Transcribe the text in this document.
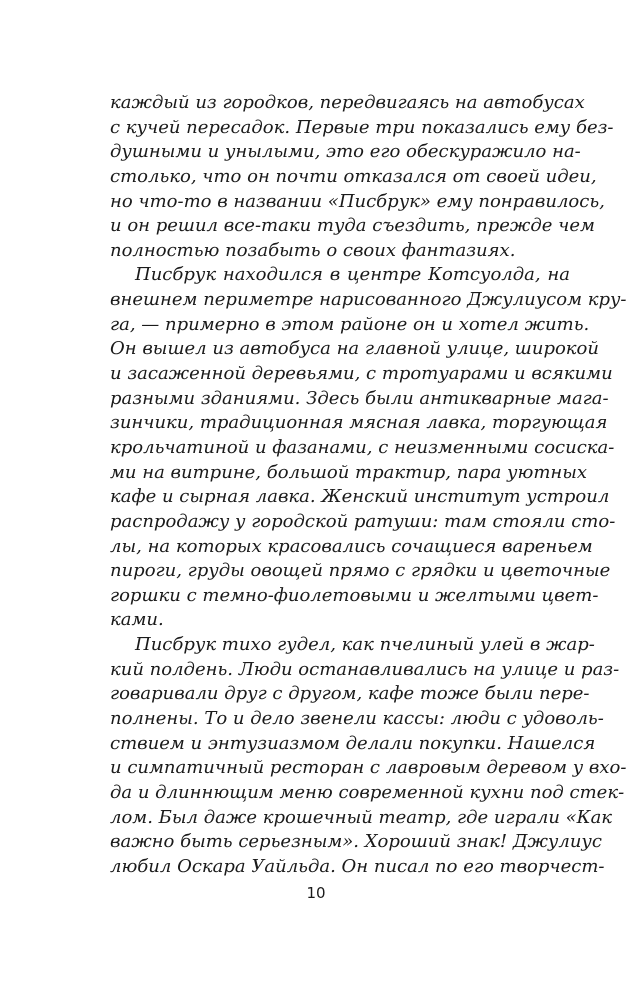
каждый из городков, передвигаясь на автобусах
с кучей пересадок. Первые три показались ему без-
душными и унылыми, это его обескуражило на-
столько, что он почти отказался от своей идеи,
но что-то в названии «Писбрук» ему понравилось,
и он решил все-таки туда съездить, прежде чем
полностью позабыть о своих фантазиях.
Писбрук находился в центре Котсуолда, на
внешнем периметре нарисованного Джулиусом кру-
га, — примерно в этом районе он и хотел жить.
Он вышел из автобуса на главной улице, широкой
и засаженной деревьями, с тротуарами и всякими
разными зданиями. Здесь были антикварные мага-
зинчики, традиционная мясная лавка, торгующая
крольчатиной и фазанами, с неизменными сосиска-
ми на витрине, большой трактир, пара уютных
кафе и сырная лавка. Женский институт устроил
распродажу у городской ратуши: там стояли сто-
лы, на которых красовались сочащиеся вареньем
пироги, груды овощей прямо с грядки и цветочные
горшки с темно-фиолетовыми и желтыми цвет-
ками.
Писбрук тихо гудел, как пчелиный улей в жар-
кий полдень. Люди останавливались на улице и раз-
говаривали друг с другом, кафе тоже были пере-
полнены. То и дело звенели кассы: люди с удоволь-
ствием и энтузиазмом делали покупки. Нашелся
и симпатичный ресторан с лавровым деревом у вхо-
да и длиннющим меню современной кухни под стек-
лом. Был даже крошечный театр, где играли «Как
важно быть серьезным». Хороший знак! Джулиус
любил Оскара Уайльда. Он писал по его творчест-
10
